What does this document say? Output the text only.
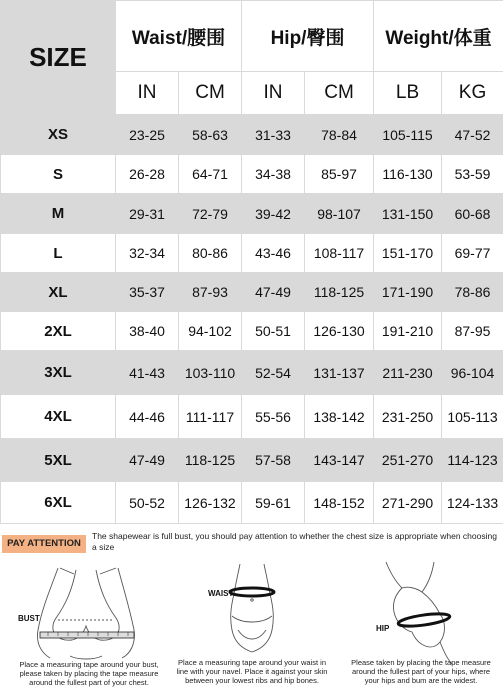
SIZE	Waist/腰围		Hip/臀围		Weight/体重	
	IN	CM	IN	CM	LB	KG
XS	23-25	58-63	31-33	78-84	105-115	47-52
S	26-28	64-71	34-38	85-97	116-130	53-59
M	29-31	72-79	39-42	98-107	131-150	60-68
L	32-34	80-86	43-46	108-117	151-170	69-77
XL	35-37	87-93	47-49	118-125	171-190	78-86
2XL	38-40	94-102	50-51	126-130	191-210	87-95
3XL	41-43	103-110	52-54	131-137	211-230	96-104
4XL	44-46	111-117	55-56	138-142	231-250	105-113
5XL	47-49	118-125	57-58	143-147	251-270	114-123
6XL	50-52	126-132	59-61	148-152	271-290	124-133
PAY ATTENTION
The shapewear is full bust, you should pay attention to whether the chest size is appropriate when choosing a size
BUST
Place a measuring tape around your bust, please taken by placing the tape measure around the fullest part of your chest.
WAIST
Place a measuring tape around your waist in line with your navel. Place it against your skin between your lowest ribs and hip bones.
HIP
Please taken by placing the tape measure around the fullest part of your hips, where your hips and bum are the widest.
